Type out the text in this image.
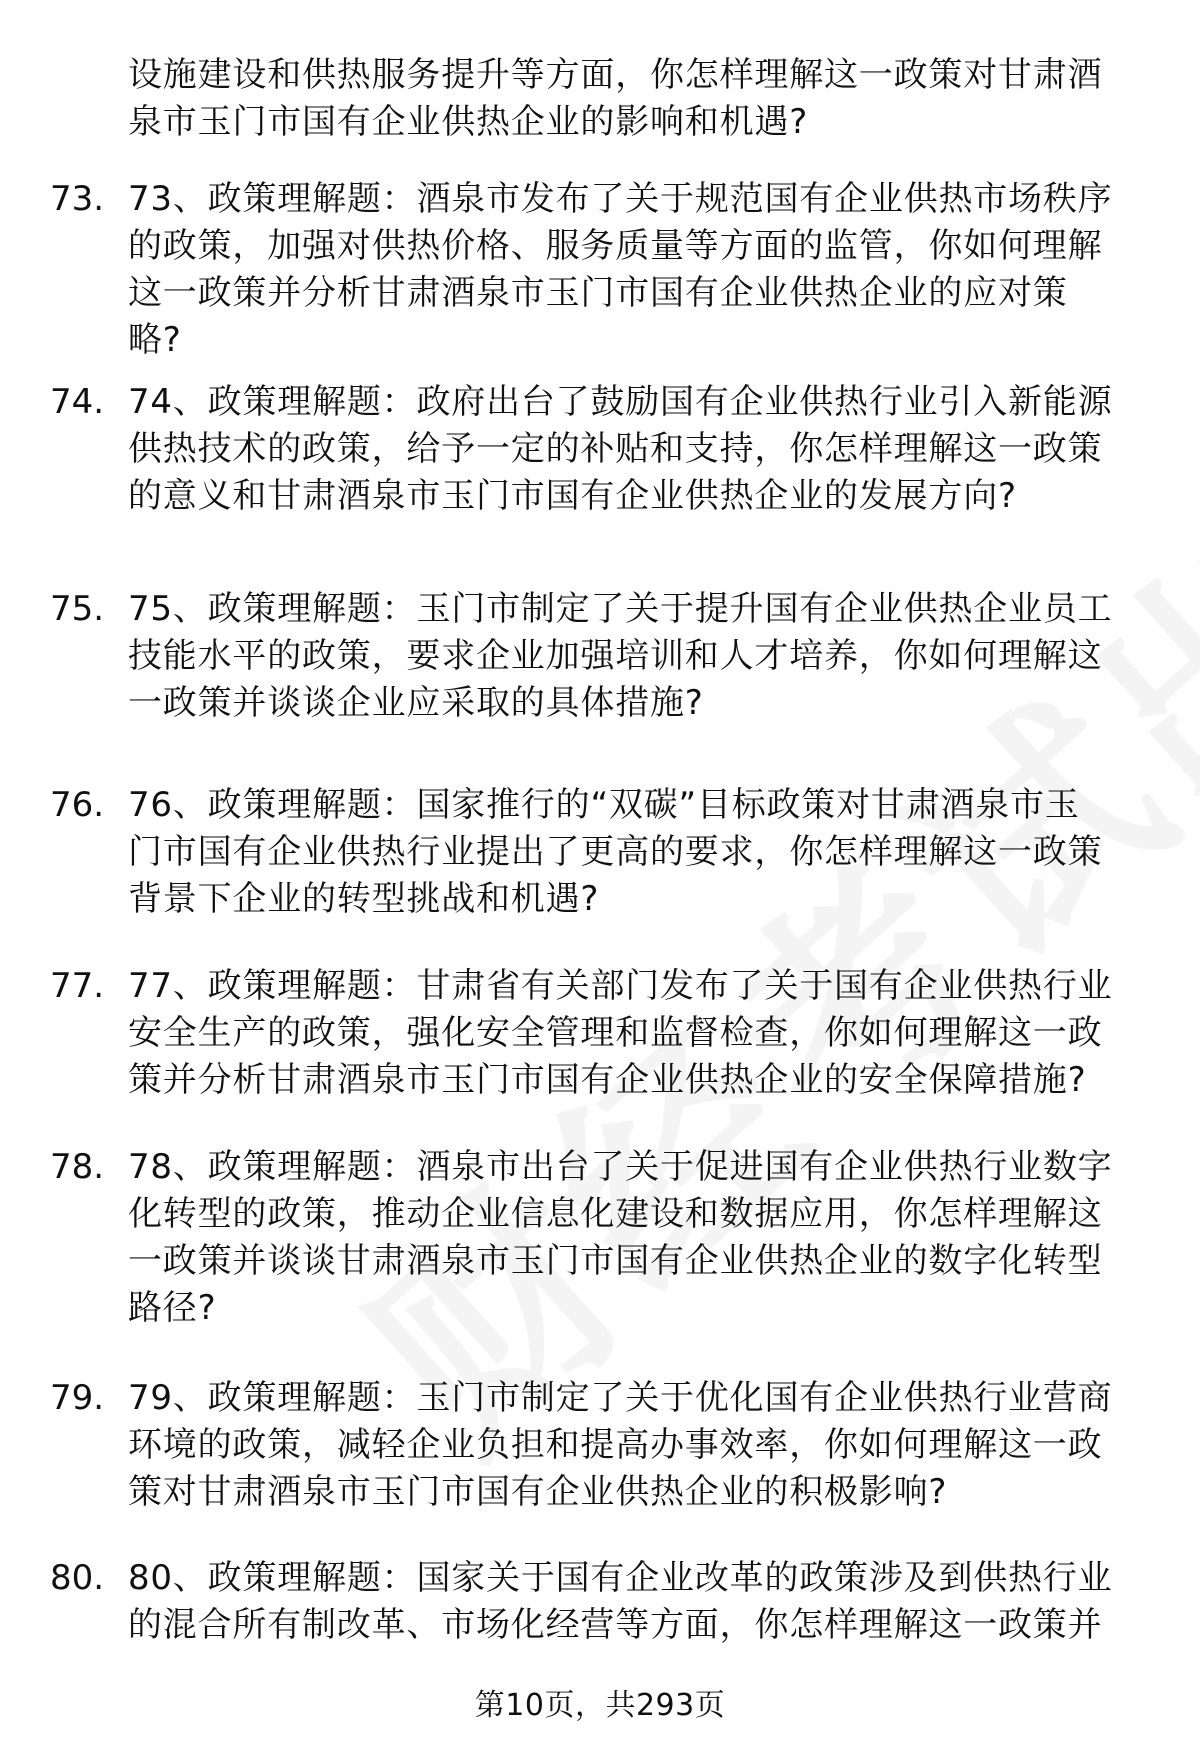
设施建设和供热服务提升等方面，你怎样理解这一政策对甘肃酒
泉市玉门市国有企业供热企业的影响和机遇?
73. 73、政策理解题：酒泉市发布了关于规范国有企业供热市场秩序
的政策，加强对供热价格、服务质量等方面的监管，你如何理解
这一政策并分析甘肃酒泉市玉门市国有企业供热企业的应对策
略?
74. 74、政策理解题：政府出台了鼓励国有企业供热行业引入新能源
供热技术的政策，给予一定的补贴和支持，你怎样理解这一政策
的意义和甘肃酒泉市玉门市国有企业供热企业的发展方向?
75. 75、政策理解题：玉门市制定了关于提升国有企业供热企业员工
技能水平的政策，要求企业加强培训和人才培养，你如何理解这
一政策并谈谈企业应采取的具体措施?
76. 76、政策理解题：国家推行的“双碳”目标政策对甘肃酒泉市玉
门市国有企业供热行业提出了更高的要求，你怎样理解这一政策
背景下企业的转型挑战和机遇?
77. 77、政策理解题：甘肃省有关部门发布了关于国有企业供热行业
安全生产的政策，强化安全管理和监督检查，你如何理解这一政
策并分析甘肃酒泉市玉门市国有企业供热企业的安全保障措施?
78. 78、政策理解题：酒泉市出台了关于促进国有企业供热行业数字
化转型的政策，推动企业信息化建设和数据应用，你怎样理解这
一政策并谈谈甘肃酒泉市玉门市国有企业供热企业的数字化转型
路径?
79. 79、政策理解题：玉门市制定了关于优化国有企业供热行业营商
环境的政策，减轻企业负担和提高办事效率，你如何理解这一政
策对甘肃酒泉市玉门市国有企业供热企业的积极影响?
80. 80、政策理解题：国家关于国有企业改革的政策涉及到供热行业
的混合所有制改革、市场化经营等方面，你怎样理解这一政策并
第10页，共293页
